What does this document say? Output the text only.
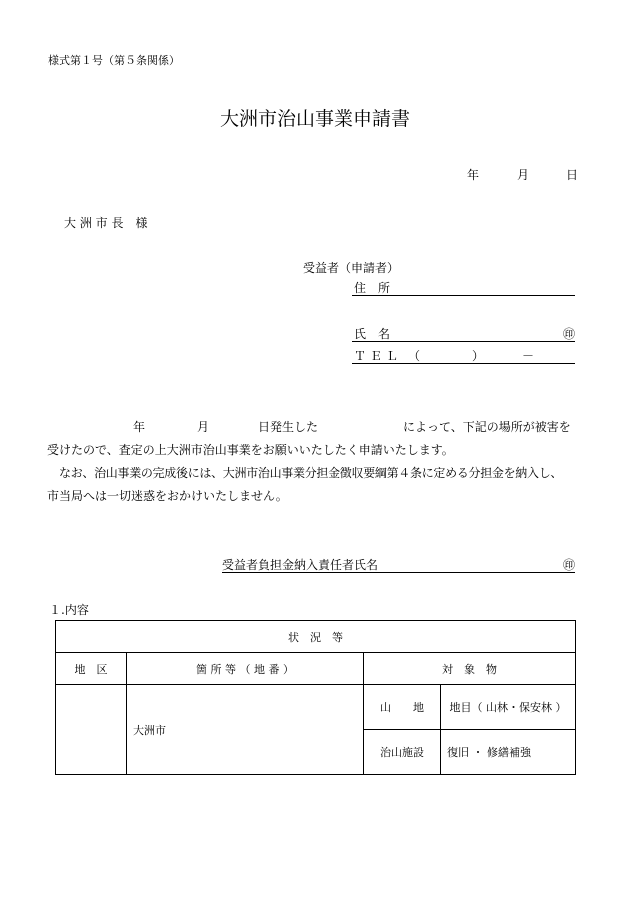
様式第１号（第５条関係）
大洲市治山事業申請書
年	月	日
大 洲 市 長　様
受益者（申請者）
住　所
氏　名	㊞
ＴＥＬ （	）	－
年	月	日発生した	によって、下記の場所が被害を
受けたので、査定の上大洲市治山事業をお願いいたしたく申請いたします。
なお、治山事業の完成後には、大洲市治山事業分担金徴収要綱第４条に定める分担金を納入し、
市当局へは一切迷惑をおかけいたしません。
受益者負担金納入責任者氏名	㊞
１.内容
状　況　等			
地　区	箇 所 等 （ 地 番 ）	対　象　物	
	大洲市	山　　地	地目（ 山林・保安林 ）
		治山施設	復旧 ・ 修繕補強
